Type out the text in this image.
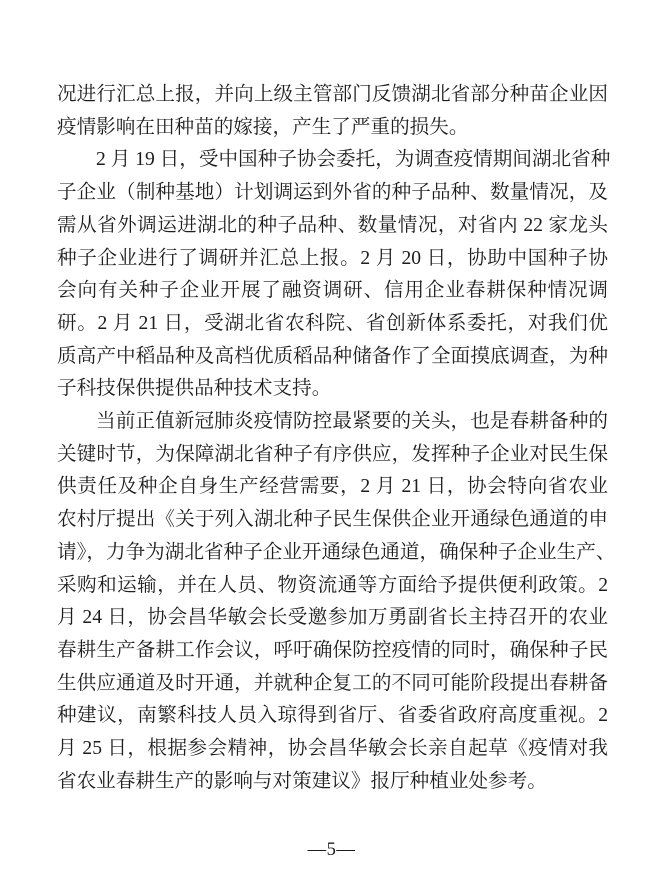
况进行汇总上报，并向上级主管部门反馈湖北省部分种苗企业因
疫情影响在田种苗的嫁接，产生了严重的损失。
2 月 19 日，受中国种子协会委托，为调查疫情期间湖北省种
子企业（制种基地）计划调运到外省的种子品种、数量情况，及
需从省外调运进湖北的种子品种、数量情况，对省内 22 家龙头
种子企业进行了调研并汇总上报。2 月 20 日，协助中国种子协
会向有关种子企业开展了融资调研、信用企业春耕保种情况调
研。2 月 21 日，受湖北省农科院、省创新体系委托，对我们优
质高产中稻品种及高档优质稻品种储备作了全面摸底调查，为种
子科技保供提供品种技术支持。
当前正值新冠肺炎疫情防控最紧要的关头，也是春耕备种的
关键时节，为保障湖北省种子有序供应，发挥种子企业对民生保
供责任及种企自身生产经营需要，2 月 21 日，协会特向省农业
农村厅提出《关于列入湖北种子民生保供企业开通绿色通道的申
请》，力争为湖北省种子企业开通绿色通道，确保种子企业生产、
采购和运输，并在人员、物资流通等方面给予提供便利政策。2
月 24 日，协会昌华敏会长受邀参加万勇副省长主持召开的农业
春耕生产备耕工作会议，呼吁确保防控疫情的同时，确保种子民
生供应通道及时开通，并就种企复工的不同可能阶段提出春耕备
种建议，南繁科技人员入琼得到省厅、省委省政府高度重视。2
月 25 日，根据参会精神，协会昌华敏会长亲自起草《疫情对我
省农业春耕生产的影响与对策建议》报厅种植业处参考。
—5—
